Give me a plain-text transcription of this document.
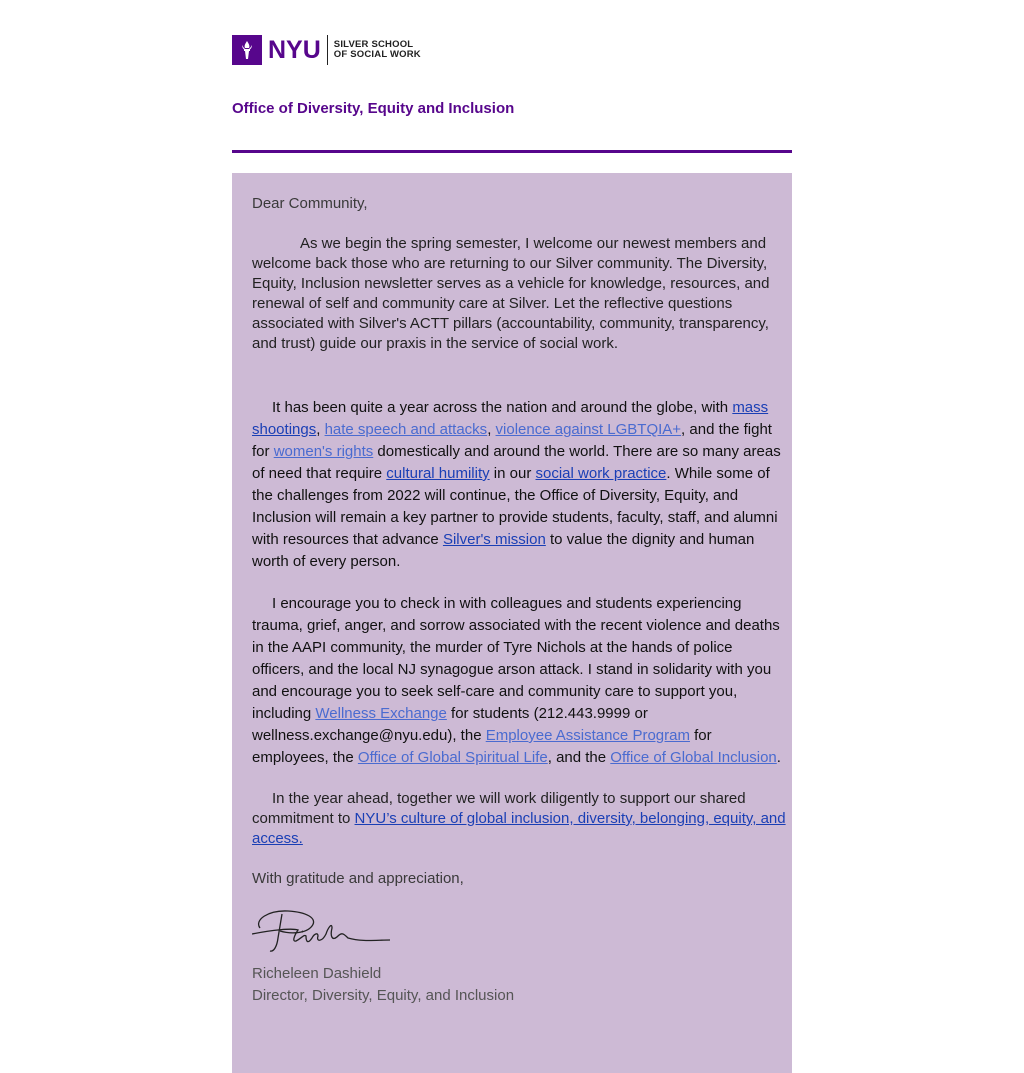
NYU SILVER SCHOOL
OF SOCIAL WORK
Office of Diversity, Equity and Inclusion
Dear Community,
As we begin the spring semester, I welcome our newest members and welcome back those who are returning to our Silver community. The Diversity, Equity, Inclusion newsletter serves as a vehicle for knowledge, resources, and renewal of self and community care at Silver. Let the reflective questions associated with Silver's ACTT pillars (accountability, community, transparency, and trust) guide our praxis in the service of social work.
It has been quite a year across the nation and around the globe, with mass shootings, hate speech and attacks, violence against LGBTQIA+, and the fight for women's rights domestically and around the world. There are so many areas of need that require cultural humility in our social work practice. While some of the challenges from 2022 will continue, the Office of Diversity, Equity, and Inclusion will remain a key partner to provide students, faculty, staff, and alumni with resources that advance Silver's mission to value the dignity and human worth of every person.
I encourage you to check in with colleagues and students experiencing trauma, grief, anger, and sorrow associated with the recent violence and deaths in the AAPI community, the murder of Tyre Nichols at the hands of police officers, and the local NJ synagogue arson attack. I stand in solidarity with you and encourage you to seek self-care and community care to support you, including Wellness Exchange for students (212.443.9999 or wellness.exchange@nyu.edu), the Employee Assistance Program for employees, the Office of Global Spiritual Life, and the Office of Global Inclusion.
In the year ahead, together we will work diligently to support our shared commitment to NYU’s culture of global inclusion, diversity, belonging, equity, and access.
With gratitude and appreciation,
Richeleen Dashield
Director, Diversity, Equity, and Inclusion
